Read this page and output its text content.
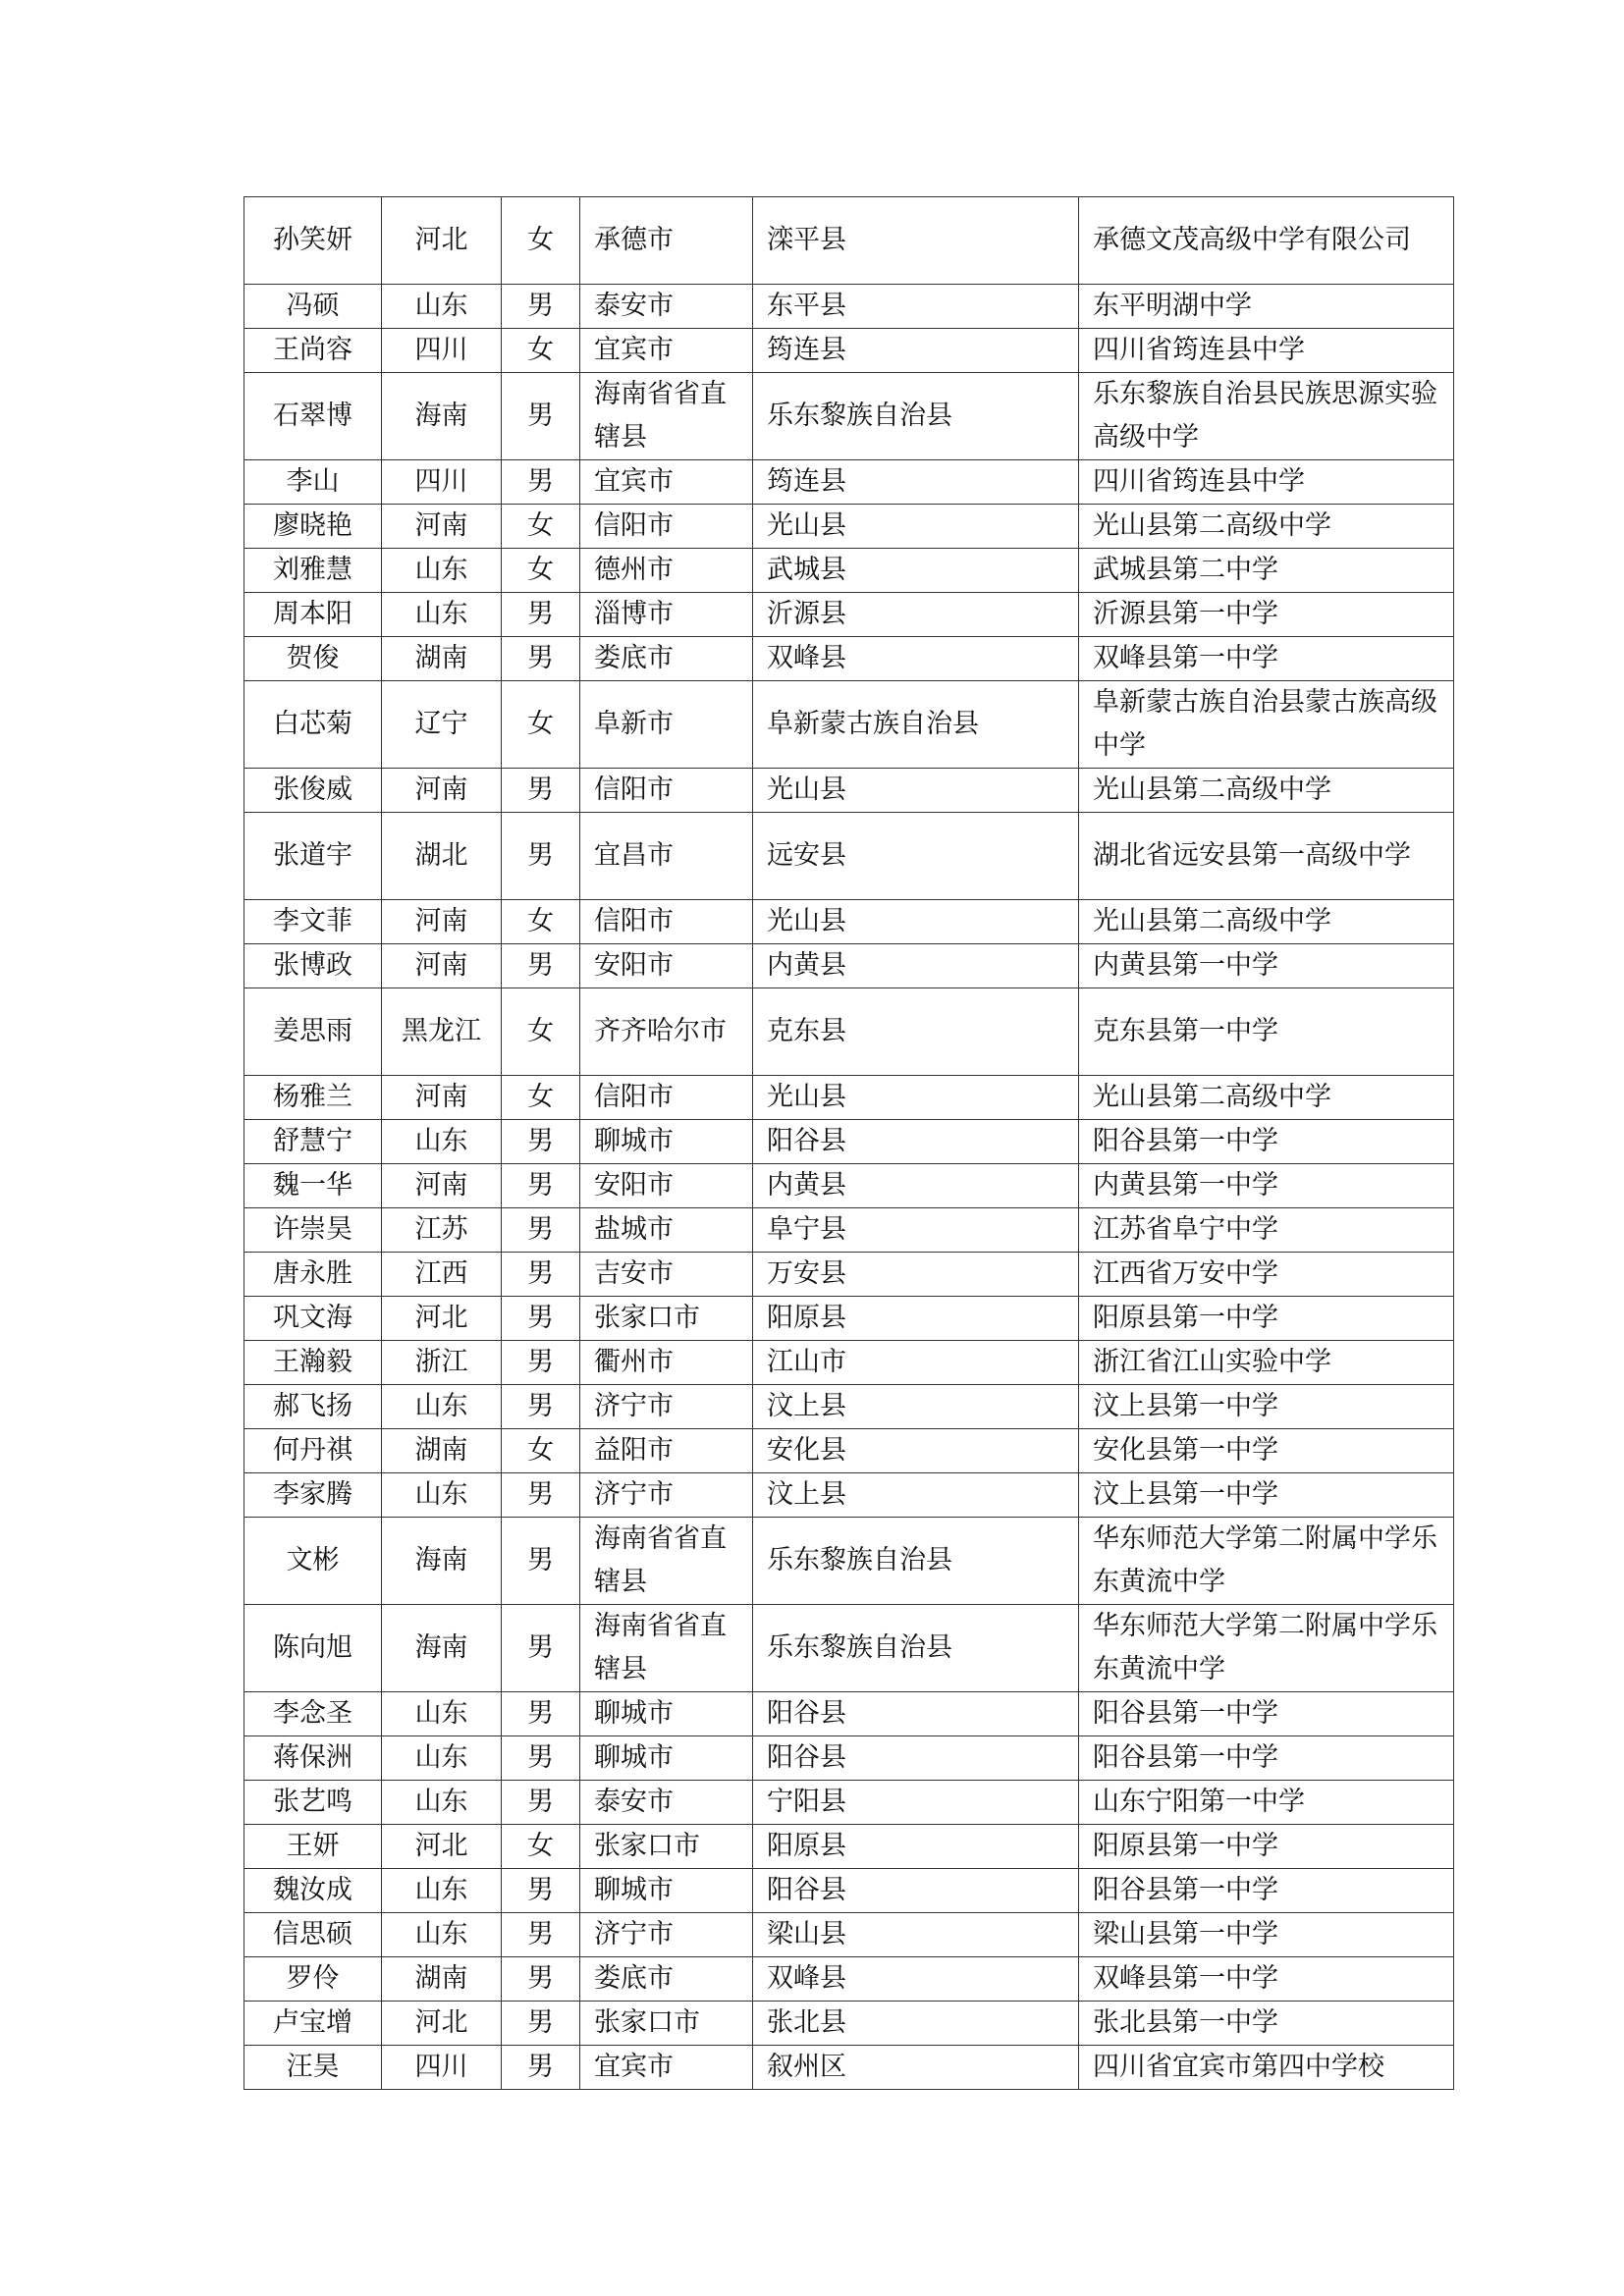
孙笑妍	河北	女	承德市	滦平县	承德文茂高级中学有限公司
冯硕	山东	男	泰安市	东平县	东平明湖中学
王尚容	四川	女	宜宾市	筠连县	四川省筠连县中学
石翠博	海南	男	海南省省直辖县	乐东黎族自治县	乐东黎族自治县民族思源实验高级中学
李山	四川	男	宜宾市	筠连县	四川省筠连县中学
廖晓艳	河南	女	信阳市	光山县	光山县第二高级中学
刘雅慧	山东	女	德州市	武城县	武城县第二中学
周本阳	山东	男	淄博市	沂源县	沂源县第一中学
贺俊	湖南	男	娄底市	双峰县	双峰县第一中学
白芯菊	辽宁	女	阜新市	阜新蒙古族自治县	阜新蒙古族自治县蒙古族高级中学
张俊威	河南	男	信阳市	光山县	光山县第二高级中学
张道宇	湖北	男	宜昌市	远安县	湖北省远安县第一高级中学
李文菲	河南	女	信阳市	光山县	光山县第二高级中学
张博政	河南	男	安阳市	内黄县	内黄县第一中学
姜思雨	黑龙江	女	齐齐哈尔市	克东县	克东县第一中学
杨雅兰	河南	女	信阳市	光山县	光山县第二高级中学
舒慧宁	山东	男	聊城市	阳谷县	阳谷县第一中学
魏一华	河南	男	安阳市	内黄县	内黄县第一中学
许崇昊	江苏	男	盐城市	阜宁县	江苏省阜宁中学
唐永胜	江西	男	吉安市	万安县	江西省万安中学
巩文海	河北	男	张家口市	阳原县	阳原县第一中学
王瀚毅	浙江	男	衢州市	江山市	浙江省江山实验中学
郝飞扬	山东	男	济宁市	汶上县	汶上县第一中学
何丹祺	湖南	女	益阳市	安化县	安化县第一中学
李家腾	山东	男	济宁市	汶上县	汶上县第一中学
文彬	海南	男	海南省省直辖县	乐东黎族自治县	华东师范大学第二附属中学乐东黄流中学
陈向旭	海南	男	海南省省直辖县	乐东黎族自治县	华东师范大学第二附属中学乐东黄流中学
李念圣	山东	男	聊城市	阳谷县	阳谷县第一中学
蒋保洲	山东	男	聊城市	阳谷县	阳谷县第一中学
张艺鸣	山东	男	泰安市	宁阳县	山东宁阳第一中学
王妍	河北	女	张家口市	阳原县	阳原县第一中学
魏汝成	山东	男	聊城市	阳谷县	阳谷县第一中学
信思硕	山东	男	济宁市	梁山县	梁山县第一中学
罗伶	湖南	男	娄底市	双峰县	双峰县第一中学
卢宝增	河北	男	张家口市	张北县	张北县第一中学
汪昊	四川	男	宜宾市	叙州区	四川省宜宾市第四中学校
